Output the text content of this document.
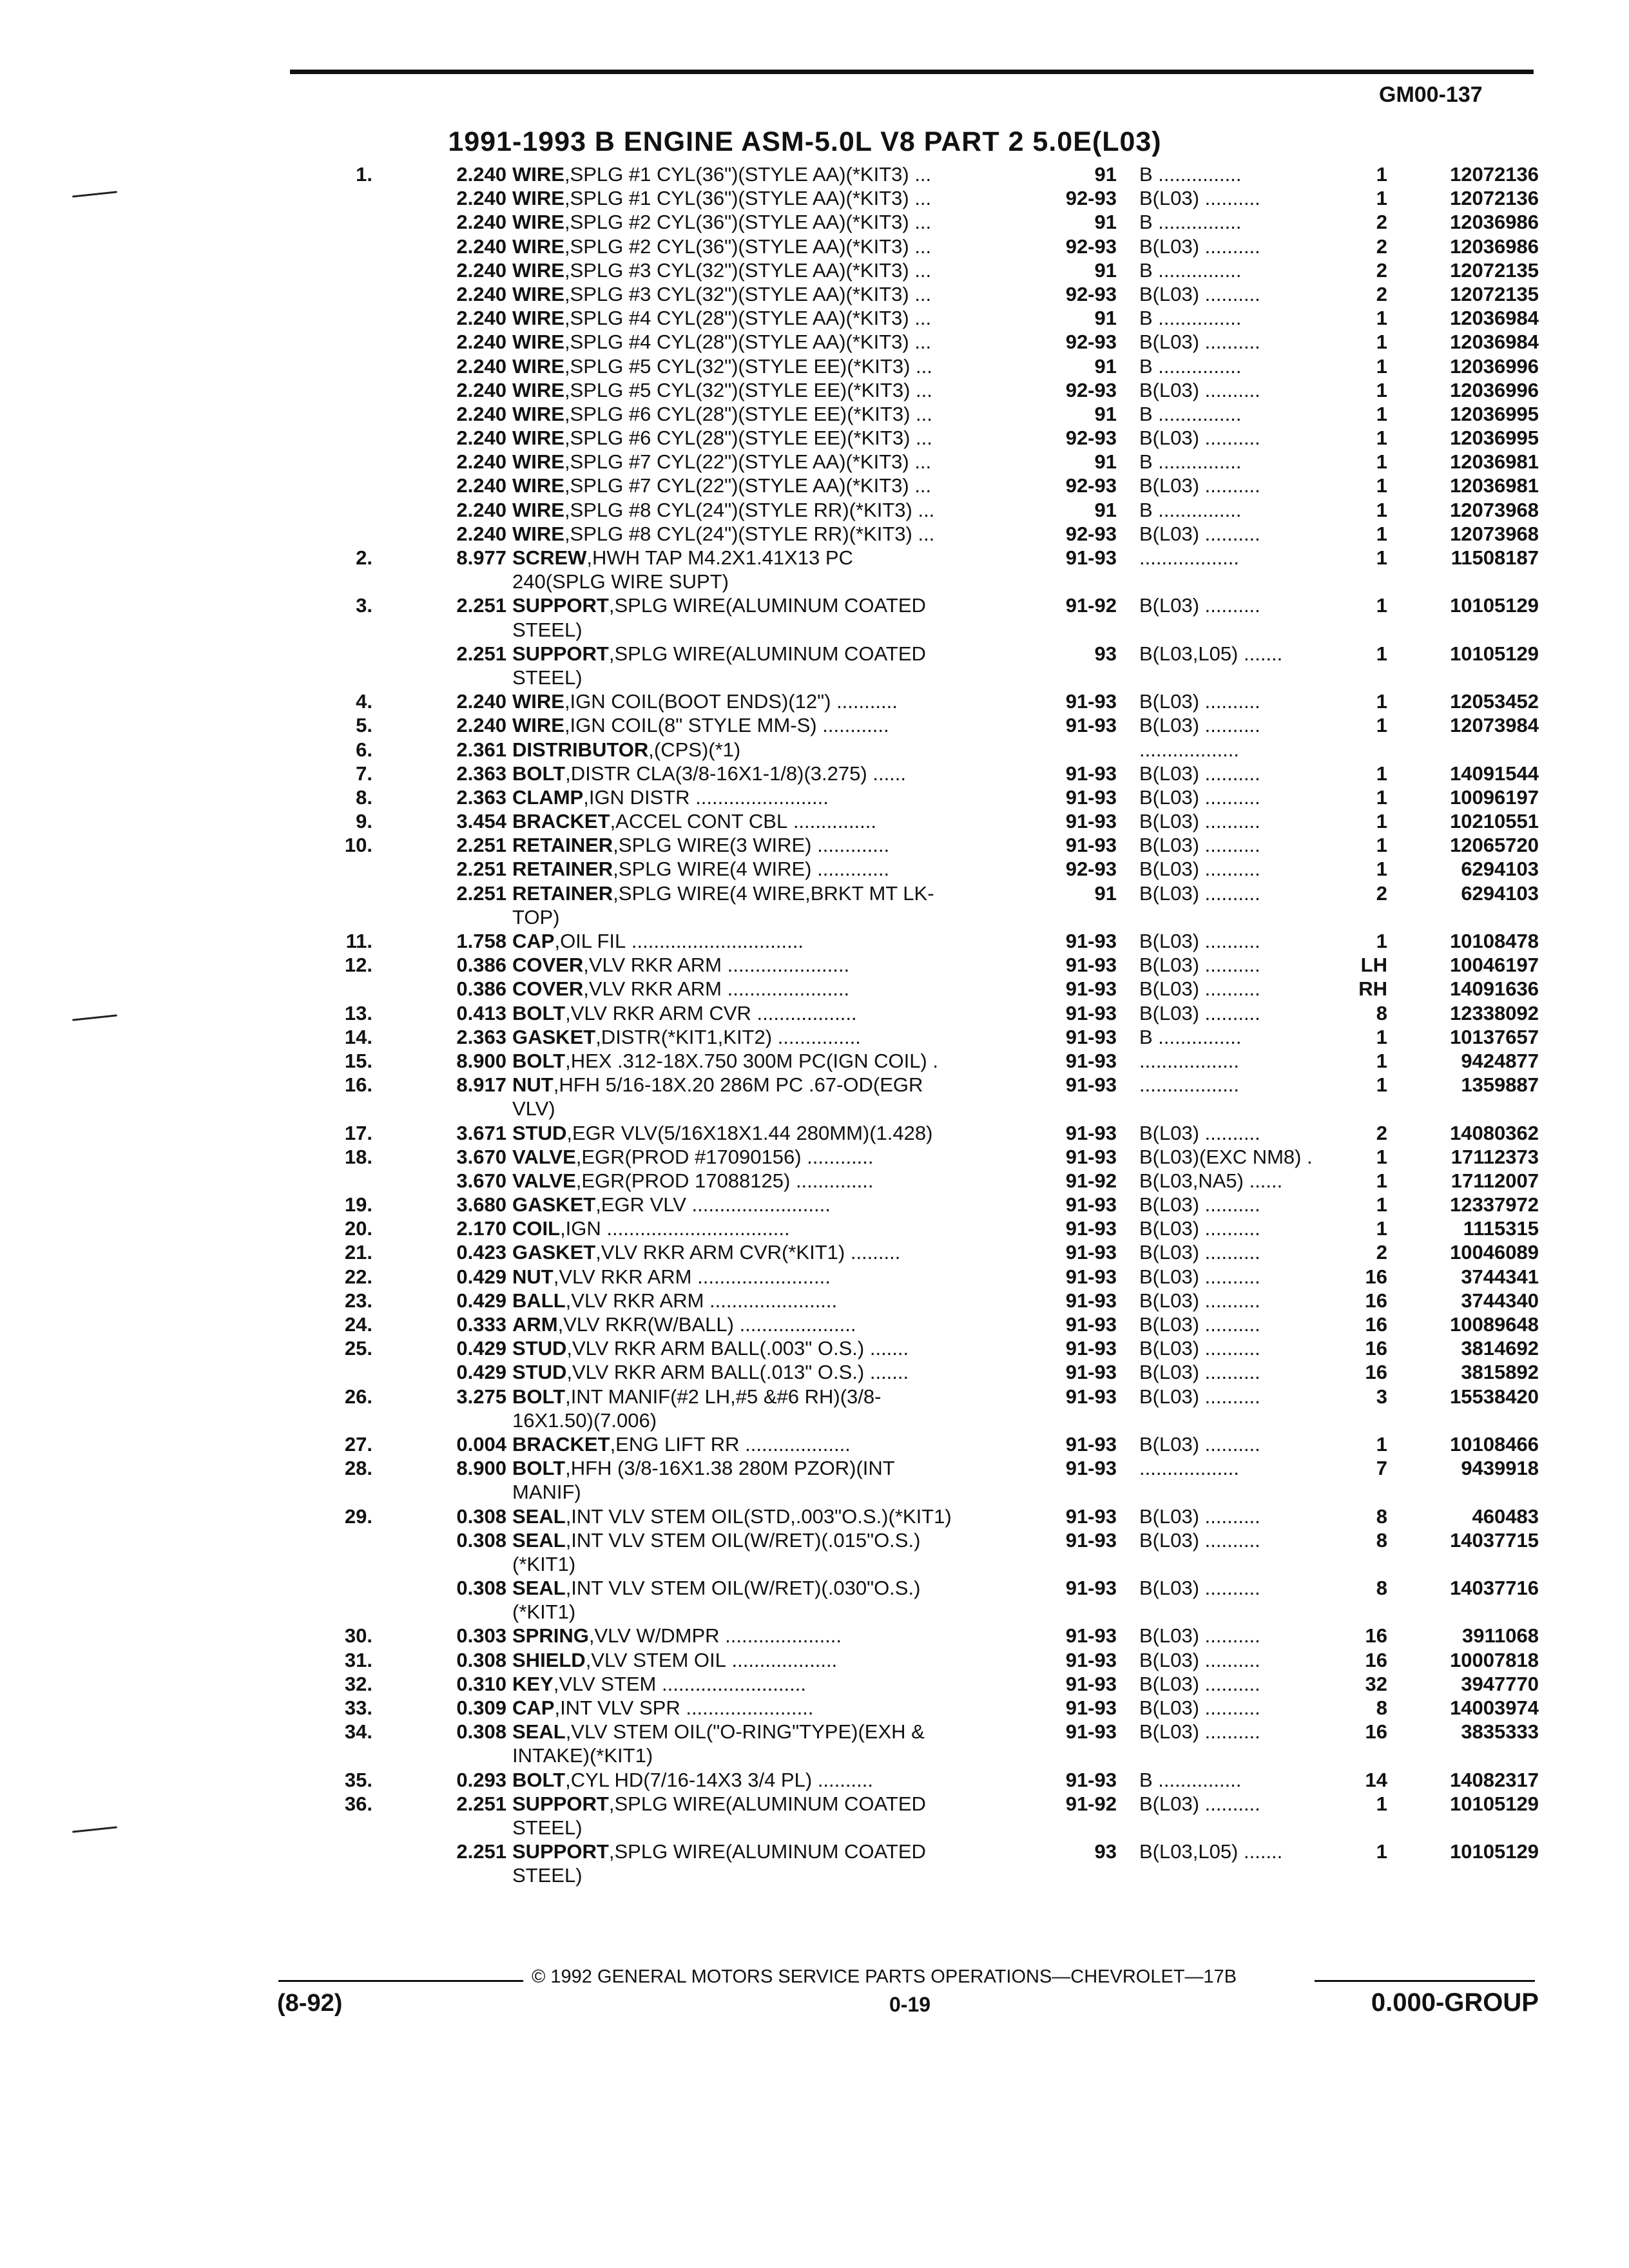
GM00-137
1991-1993 B ENGINE ASM-5.0L V8 PART 2 5.0E(L03)
1.	2.240 WIRE,SPLG #1 CYL(36")(STYLE AA)(*KIT3) ...	91 B ...............	1	12072136
2.240 WIRE,SPLG #1 CYL(36")(STYLE AA)(*KIT3) ...	92-93 B(L03) ..........	1	12072136
2.240 WIRE,SPLG #2 CYL(36")(STYLE AA)(*KIT3) ...	91 B ...............	2	12036986
2.240 WIRE,SPLG #2 CYL(36")(STYLE AA)(*KIT3) ...	92-93 B(L03) ..........	2	12036986
2.240 WIRE,SPLG #3 CYL(32")(STYLE AA)(*KIT3) ...	91 B ...............	2	12072135
2.240 WIRE,SPLG #3 CYL(32")(STYLE AA)(*KIT3) ...	92-93 B(L03) ..........	2	12072135
2.240 WIRE,SPLG #4 CYL(28")(STYLE AA)(*KIT3) ...	91 B ...............	1	12036984
2.240 WIRE,SPLG #4 CYL(28")(STYLE AA)(*KIT3) ...	92-93 B(L03) ..........	1	12036984
2.240 WIRE,SPLG #5 CYL(32")(STYLE EE)(*KIT3) ...	91 B ...............	1	12036996
2.240 WIRE,SPLG #5 CYL(32")(STYLE EE)(*KIT3) ...	92-93 B(L03) ..........	1	12036996
2.240 WIRE,SPLG #6 CYL(28")(STYLE EE)(*KIT3) ...	91 B ...............	1	12036995
2.240 WIRE,SPLG #6 CYL(28")(STYLE EE)(*KIT3) ...	92-93 B(L03) ..........	1	12036995
2.240 WIRE,SPLG #7 CYL(22")(STYLE AA)(*KIT3) ...	91 B ...............	1	12036981
2.240 WIRE,SPLG #7 CYL(22")(STYLE AA)(*KIT3) ...	92-93 B(L03) ..........	1	12036981
2.240 WIRE,SPLG #8 CYL(24")(STYLE RR)(*KIT3) ...	91 B ...............	1	12073968
2.240 WIRE,SPLG #8 CYL(24")(STYLE RR)(*KIT3) ...	92-93 B(L03) ..........	1	12073968
2.	8.977 SCREW,HWH TAP M4.2X1.41X13 PC	91-93 ..................	1	11508187
240(SPLG WIRE SUPT)
3.	2.251 SUPPORT,SPLG WIRE(ALUMINUM COATED	91-92 B(L03) ..........	1	10105129
STEEL)
2.251 SUPPORT,SPLG WIRE(ALUMINUM COATED	93 B(L03,L05) .......	1	10105129
STEEL)
4.	2.240 WIRE,IGN COIL(BOOT ENDS)(12") ...........	91-93 B(L03) ..........	1	12053452
5.	2.240 WIRE,IGN COIL(8" STYLE MM-S) ............	91-93 B(L03) ..........	1	12073984
6.	2.361 DISTRIBUTOR,(CPS)(*1)	..................
7.	2.363 BOLT,DISTR CLA(3/8-16X1-1/8)(3.275) ......	91-93 B(L03) ..........	1	14091544
8.	2.363 CLAMP,IGN DISTR ........................	91-93 B(L03) ..........	1	10096197
9.	3.454 BRACKET,ACCEL CONT CBL ...............	91-93 B(L03) ..........	1	10210551
10.	2.251 RETAINER,SPLG WIRE(3 WIRE) .............	91-93 B(L03) ..........	1	12065720
2.251 RETAINER,SPLG WIRE(4 WIRE) .............	92-93 B(L03) ..........	1	6294103
2.251 RETAINER,SPLG WIRE(4 WIRE,BRKT MT LK-	91 B(L03) ..........	2	6294103
TOP)
11.	1.758 CAP,OIL FIL ...............................	91-93 B(L03) ..........	1	10108478
12.	0.386 COVER,VLV RKR ARM ......................	91-93 B(L03) ..........	LH	10046197
0.386 COVER,VLV RKR ARM ......................	91-93 B(L03) ..........	RH	14091636
13.	0.413 BOLT,VLV RKR ARM CVR ..................	91-93 B(L03) ..........	8	12338092
14.	2.363 GASKET,DISTR(*KIT1,KIT2) ...............	91-93 B ...............	1	10137657
15.	8.900 BOLT,HEX .312-18X.750 300M PC(IGN COIL) .	91-93 ..................	1	9424877
16.	8.917 NUT,HFH 5/16-18X.20 286M PC .67-OD(EGR	91-93 ..................	1	1359887
VLV)
17.	3.671 STUD,EGR VLV(5/16X18X1.44 280MM)(1.428)	91-93 B(L03) ..........	2	14080362
18.	3.670 VALVE,EGR(PROD #17090156) ............	91-93 B(L03)(EXC NM8) .	1	17112373
3.670 VALVE,EGR(PROD 17088125) ..............	91-92 B(L03,NA5) ......	1	17112007
19.	3.680 GASKET,EGR VLV .........................	91-93 B(L03) ..........	1	12337972
20.	2.170 COIL,IGN .................................	91-93 B(L03) ..........	1	1115315
21.	0.423 GASKET,VLV RKR ARM CVR(*KIT1) .........	91-93 B(L03) ..........	2	10046089
22.	0.429 NUT,VLV RKR ARM ........................	91-93 B(L03) ..........	16	3744341
23.	0.429 BALL,VLV RKR ARM .......................	91-93 B(L03) ..........	16	3744340
24.	0.333 ARM,VLV RKR(W/BALL) .....................	91-93 B(L03) ..........	16	10089648
25.	0.429 STUD,VLV RKR ARM BALL(.003" O.S.) .......	91-93 B(L03) ..........	16	3814692
0.429 STUD,VLV RKR ARM BALL(.013" O.S.) .......	91-93 B(L03) ..........	16	3815892
26.	3.275 BOLT,INT MANIF(#2 LH,#5 &#6 RH)(3/8-	91-93 B(L03) ..........	3	15538420
16X1.50)(7.006)
27.	0.004 BRACKET,ENG LIFT RR ...................	91-93 B(L03) ..........	1	10108466
28.	8.900 BOLT,HFH (3/8-16X1.38 280M PZOR)(INT	91-93 ..................	7	9439918
MANIF)
29.	0.308 SEAL,INT VLV STEM OIL(STD,.003"O.S.)(*KIT1)	91-93 B(L03) ..........	8	460483
0.308 SEAL,INT VLV STEM OIL(W/RET)(.015"O.S.)	91-93 B(L03) ..........	8	14037715
(*KIT1)
0.308 SEAL,INT VLV STEM OIL(W/RET)(.030"O.S.)	91-93 B(L03) ..........	8	14037716
(*KIT1)
30.	0.303 SPRING,VLV W/DMPR .....................	91-93 B(L03) ..........	16	3911068
31.	0.308 SHIELD,VLV STEM OIL ...................	91-93 B(L03) ..........	16	10007818
32.	0.310 KEY,VLV STEM ..........................	91-93 B(L03) ..........	32	3947770
33.	0.309 CAP,INT VLV SPR .......................	91-93 B(L03) ..........	8	14003974
34.	0.308 SEAL,VLV STEM OIL("O-RING"TYPE)(EXH &	91-93 B(L03) ..........	16	3835333
INTAKE)(*KIT1)
35.	0.293 BOLT,CYL HD(7/16-14X3 3/4 PL) ..........	91-93 B ...............	14	14082317
36.	2.251 SUPPORT,SPLG WIRE(ALUMINUM COATED	91-92 B(L03) ..........	1	10105129
STEEL)
2.251 SUPPORT,SPLG WIRE(ALUMINUM COATED	93 B(L03,L05) .......	1	10105129
STEEL)
© 1992 GENERAL MOTORS SERVICE PARTS OPERATIONS—CHEVROLET—17B
(8-92)	0-19	0.000-GROUP
